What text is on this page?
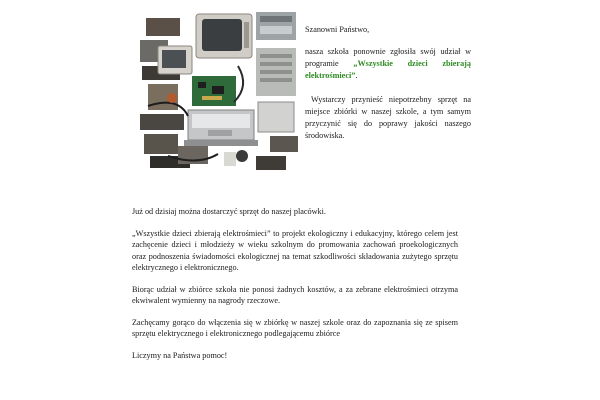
Szanowni Państwo,

nasza szkoła ponownie zgłosiła swój udział w programie „Wszystkie dzieci zbierają elektrośmieci”.

Wystarczy przynieść niepotrzebny sprzęt na miejsce zbiórki w naszej szkole, a tym samym przyczynić się do poprawy jakości naszego środowiska.

Już od dzisiaj można dostarczyć sprzęt do naszej placówki.

„Wszystkie dzieci zbierają elektrośmieci” to projekt ekologiczny i edukacyjny, którego celem jest zachęcenie dzieci i młodzieży w wieku szkolnym do promowania zachowań proekologicznych oraz podnoszenia świadomości ekologicznej na temat szkodliwości składowania zużytego sprzętu elektrycznego i elektronicznego.

Biorąc udział w zbiórce szkoła nie ponosi żadnych kosztów, a za zebrane elektrośmieci otrzyma ekwiwalent wymienny na nagrody rzeczowe.

Zachęcamy gorąco do włączenia się w zbiórkę w naszej szkole oraz do zapoznania się ze spisem sprzętu elektrycznego i elektronicznego podlegającemu zbiórce

Liczymy na Państwa pomoc!
